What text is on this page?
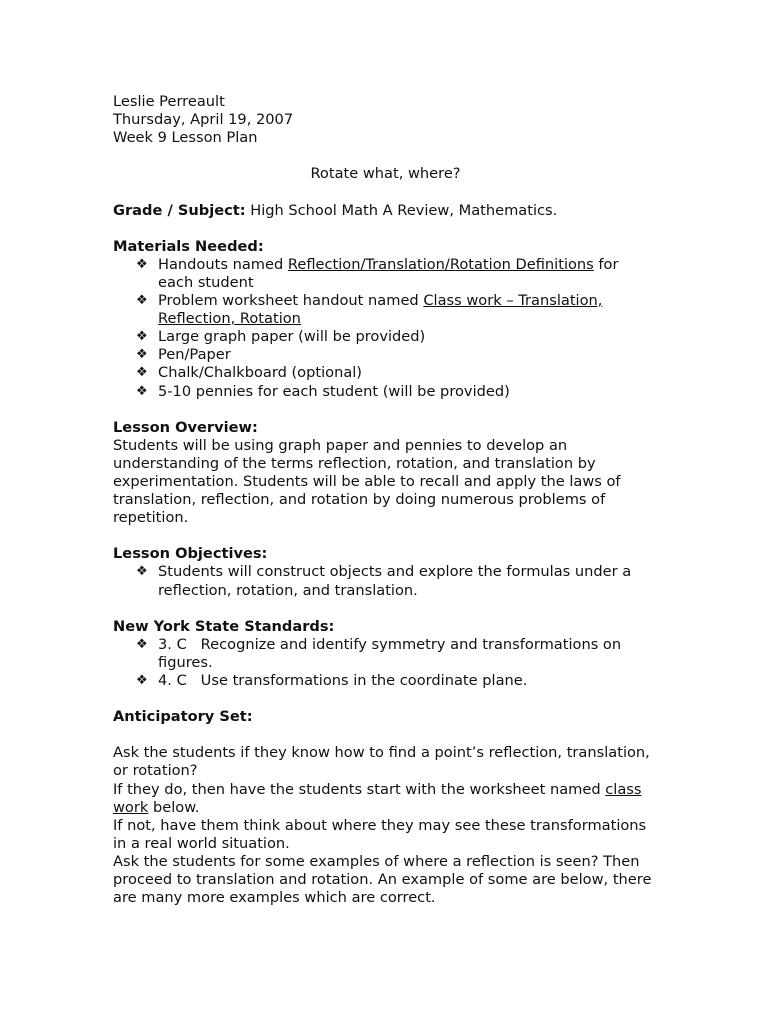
Leslie Perreault

Thursday, April 19, 2007

Week 9 Lesson Plan

Rotate what, where?

Grade / Subject: High School Math A Review, Mathematics.

Materials Needed:

❖ Handouts named Reflection/Translation/Rotation Definitions for each student
❖ Problem worksheet handout named Class work – Translation, Reflection, Rotation
❖ Large graph paper (will be provided)
❖ Pen/Paper
❖ Chalk/Chalkboard (optional)
❖ 5-10 pennies for each student (will be provided)

Lesson Overview:

Students will be using graph paper and pennies to develop an understanding of the terms reflection, rotation, and translation by experimentation. Students will be able to recall and apply the laws of translation, reflection, and rotation by doing numerous problems of repetition.

Lesson Objectives:

❖ Students will construct objects and explore the formulas under a reflection, rotation, and translation.

New York State Standards:

❖ 3. C   Recognize and identify symmetry and transformations on figures.
❖ 4. C   Use transformations in the coordinate plane.

Anticipatory Set:

Ask the students if they know how to find a point’s reflection, translation, or rotation?

If they do, then have the students start with the worksheet named class work below.

If not, have them think about where they may see these transformations in a real world situation.

Ask the students for some examples of where a reflection is seen? Then proceed to translation and rotation. An example of some are below, there are many more examples which are correct.
